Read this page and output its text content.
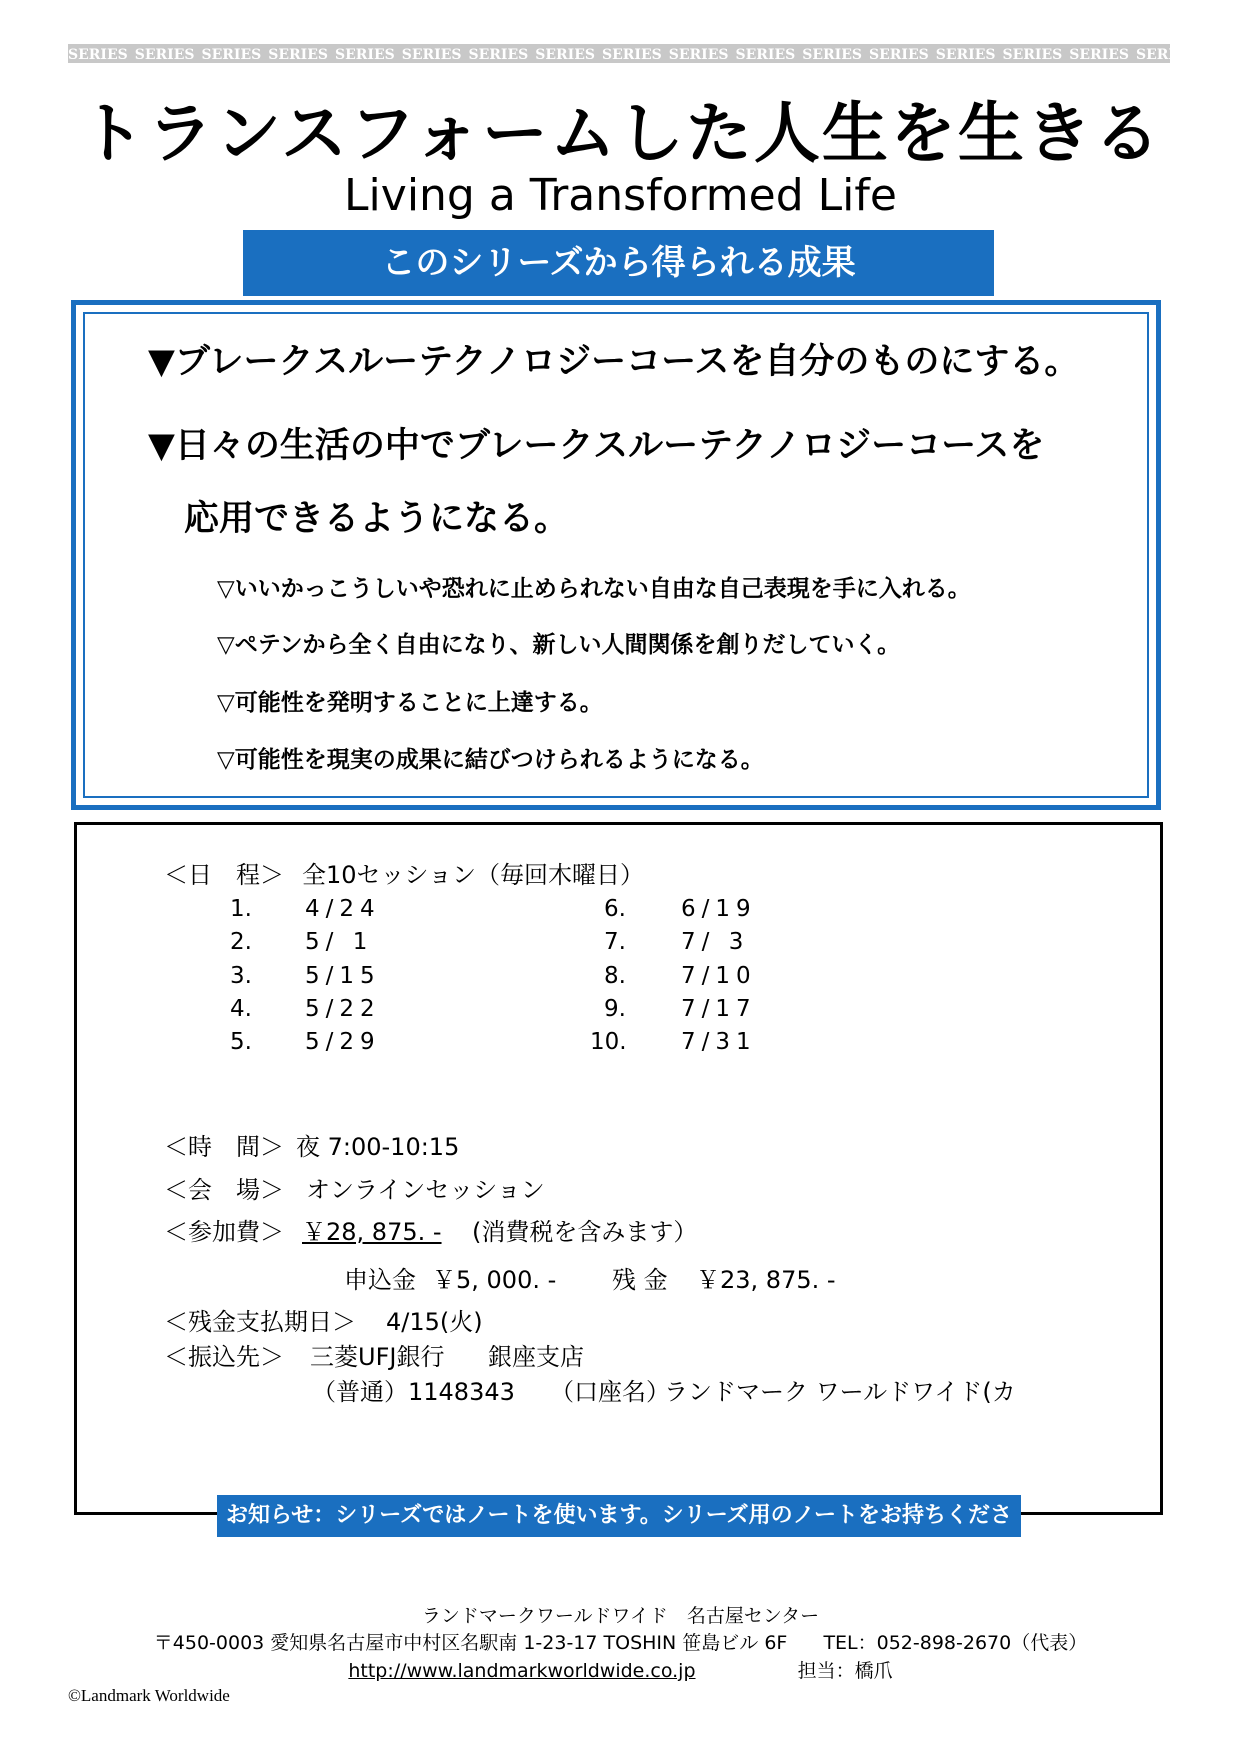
SERIES SERIES SERIES SERIES SERIES SERIES SERIES SERIES SERIES SERIES SERIES SERIES SERIES SERIES SERIES SERIES SERIES
トランスフォームした人生を生きる
Living a Transformed Life
このシリーズから得られる成果
▼ブレークスルーテクノロジーコースを自分のものにする。
▼日々の生活の中でブレークスルーテクノロジーコースを
応用できるようになる。
▽いいかっこうしいや恐れに止められない自由な自己表現を手に入れる。
▽ペテンから全く自由になり、新しい人間関係を創りだしていく。
▽可能性を発明することに上達する。
▽可能性を現実の成果に結びつけられるようになる。
＜日　程＞ 全10セッション（毎回木曜日）
1. 4/24
2. 5/ 1
3. 5/15
4. 5/22
5. 5/29
6. 6/19
7. 7/ 3
8. 7/10
9. 7/17
10. 7/31
＜時　間＞ 夜 7:00-10:15
＜会　場＞ オンラインセッション
＜参加費＞ ￥28, 875. - (消費税を含みます）
申込金 ￥5, 000. - 残 金 ￥23, 875. -
＜残金支払期日＞ 4/15(火)
＜振込先＞ 三菱UFJ銀行 銀座支店
（普通） 1148343 （口座名）
ランドマーク ワールドワイド(カ
お知らせ：シリーズではノートを使います。シリーズ用のノートをお持ちください。
ランドマークワールドワイド　名古屋センター
〒450-0003 愛知県名古屋市中村区名駅南 1-23-17 TOSHIN 笹島ビル 6F TEL：052-898-2670（代表）
http://www.landmarkworldwide.co.jp	担当：橋爪
©Landmark Worldwide
